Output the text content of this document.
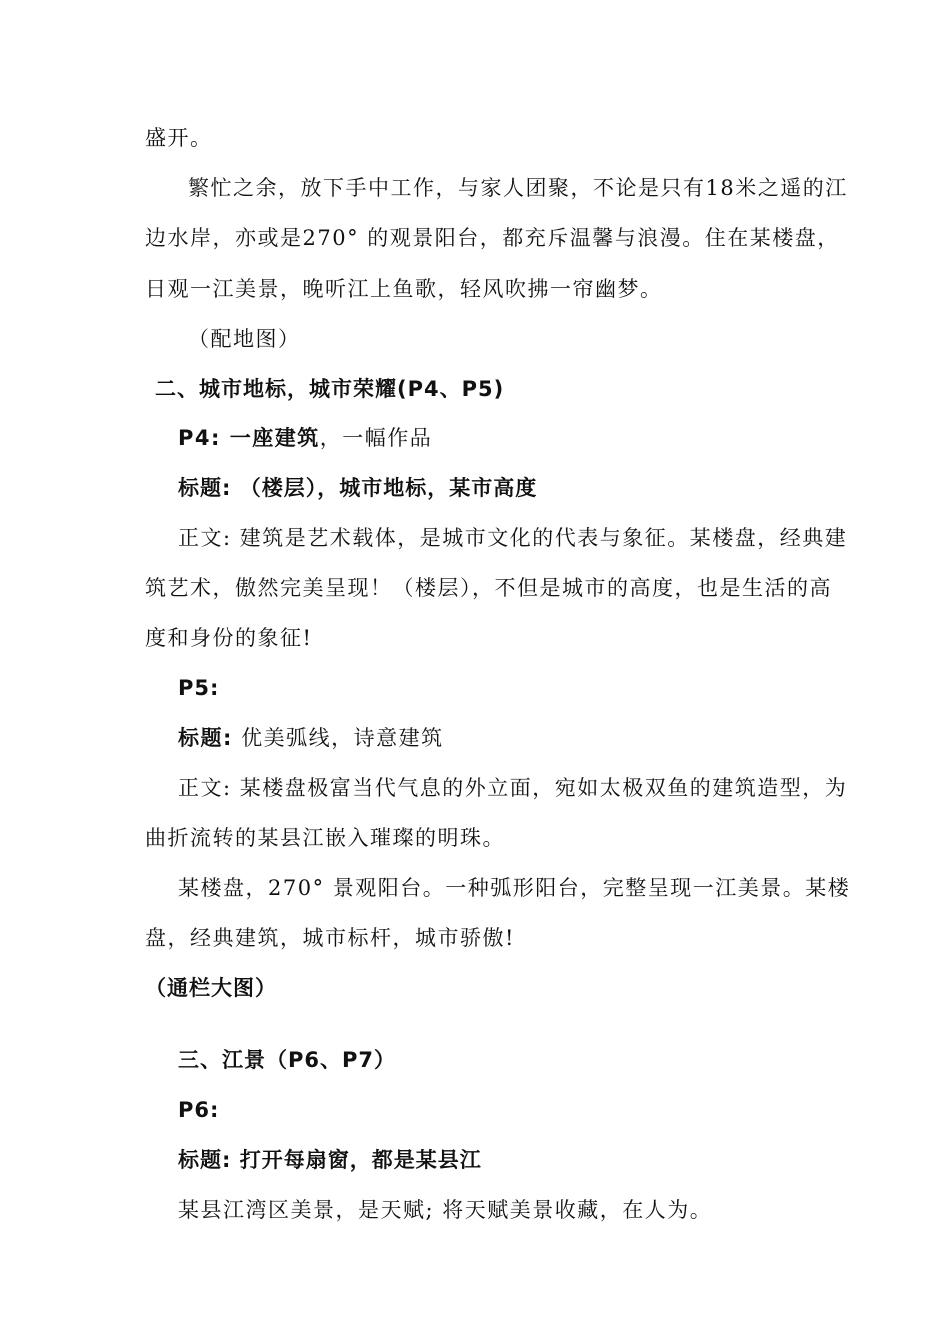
盛开。
繁忙之余，放下手中工作，与家人团聚，不论是只有18米之遥的江
边水岸，亦或是270° 的观景阳台，都充斥温馨与浪漫。住在某楼盘，
日观一江美景，晚听江上鱼歌，轻风吹拂一帘幽梦。
（配地图）
二、城市地标，城市荣耀(P4、P5)
P4: 一座建筑，一幅作品
标题: （楼层），城市地标，某市高度
正文: 建筑是艺术载体，是城市文化的代表与象征。某楼盘，经典建
筑艺术，傲然完美呈现！（楼层），不但是城市的高度，也是生活的高
度和身份的象征!
P5:
标题: 优美弧线，诗意建筑
正文: 某楼盘极富当代气息的外立面，宛如太极双鱼的建筑造型，为
曲折流转的某县江嵌入璀璨的明珠。
某楼盘，270° 景观阳台。一种弧形阳台，完整呈现一江美景。某楼
盘，经典建筑，城市标杆，城市骄傲!
（通栏大图）
三、江景（P6、P7）
P6:
标题: 打开每扇窗，都是某县江
某县江湾区美景，是天赋; 将天赋美景收藏，在人为。
